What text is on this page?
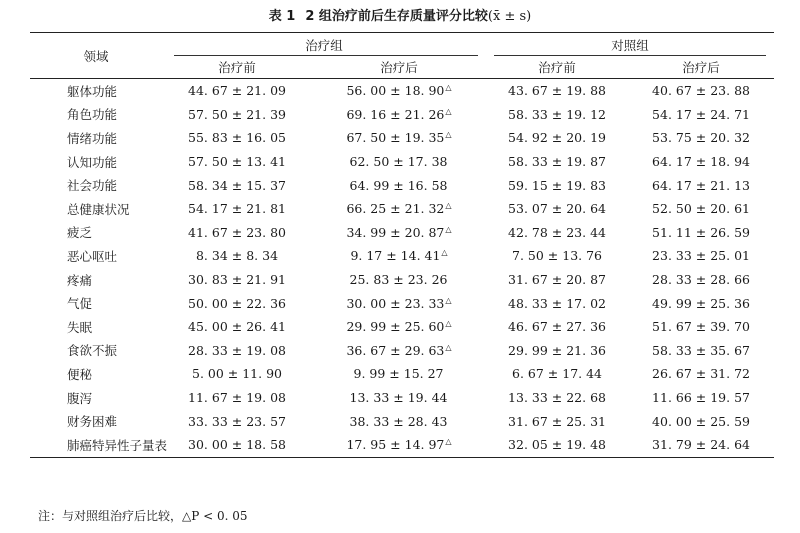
表 1 2 组治疗前后生存质量评分比较(x̄ ± s)
领域	治疗组		对照组	

	治疗前	治疗后	治疗前	治疗后
躯体功能	44. 67 ± 21. 09	56. 00 ± 18. 90△	43. 67 ± 19. 88	40. 67 ± 23. 88
角色功能	57. 50 ± 21. 39	69. 16 ± 21. 26△	58. 33 ± 19. 12	54. 17 ± 24. 71
情绪功能	55. 83 ± 16. 05	67. 50 ± 19. 35△	54. 92 ± 20. 19	53. 75 ± 20. 32
认知功能	57. 50 ± 13. 41	62. 50 ± 17. 38	58. 33 ± 19. 87	64. 17 ± 18. 94
社会功能	58. 34 ± 15. 37	64. 99 ± 16. 58	59. 15 ± 19. 83	64. 17 ± 21. 13
总健康状况	54. 17 ± 21. 81	66. 25 ± 21. 32△	53. 07 ± 20. 64	52. 50 ± 20. 61
疲乏	41. 67 ± 23. 80	34. 99 ± 20. 87△	42. 78 ± 23. 44	51. 11 ± 26. 59
恶心呕吐	8. 34 ± 8. 34	9. 17 ± 14. 41△	7. 50 ± 13. 76	23. 33 ± 25. 01
疼痛	30. 83 ± 21. 91	25. 83 ± 23. 26	31. 67 ± 20. 87	28. 33 ± 28. 66
气促	50. 00 ± 22. 36	30. 00 ± 23. 33△	48. 33 ± 17. 02	49. 99 ± 25. 36
失眠	45. 00 ± 26. 41	29. 99 ± 25. 60△	46. 67 ± 27. 36	51. 67 ± 39. 70
食欲不振	28. 33 ± 19. 08	36. 67 ± 29. 63△	29. 99 ± 21. 36	58. 33 ± 35. 67
便秘	5. 00 ± 11. 90	9. 99 ± 15. 27	6. 67 ± 17. 44	26. 67 ± 31. 72
腹泻	11. 67 ± 19. 08	13. 33 ± 19. 44	13. 33 ± 22. 68	11. 66 ± 19. 57
财务困难	33. 33 ± 23. 57	38. 33 ± 28. 43	31. 67 ± 25. 31	40. 00 ± 25. 59
肺癌特异性子量表	30. 00 ± 18. 58	17. 95 ± 14. 97△	32. 05 ± 19. 48	31. 79 ± 24. 64
注：与对照组治疗后比较，△P < 0. 05
